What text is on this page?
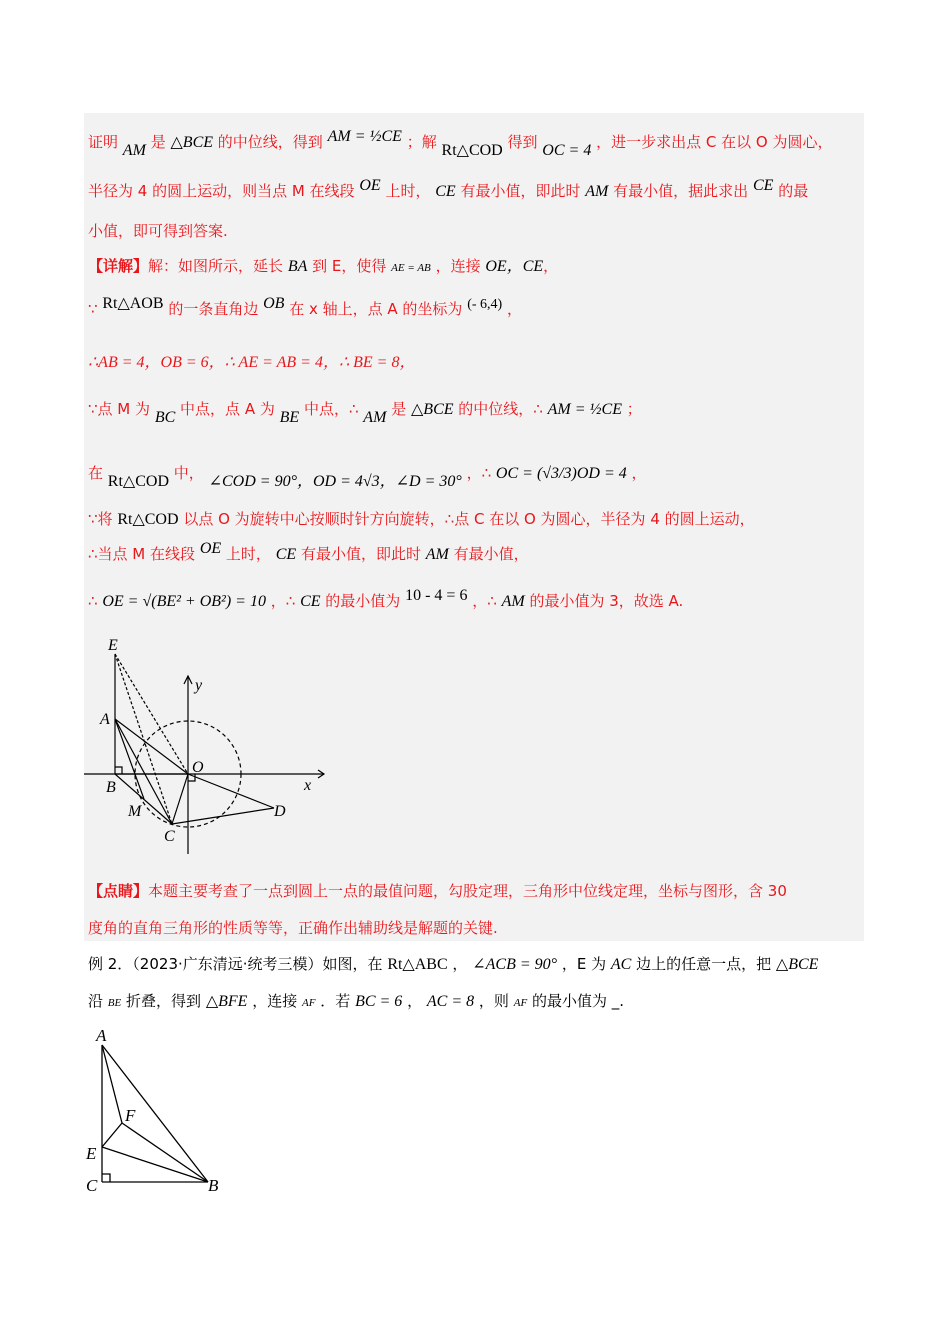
证明 AM 是 △BCE 的中位线，得到 AM = ½CE ；解 Rt△COD 得到 OC = 4 ，进一步求出点 C 在以 O 为圆心，
半径为 4 的圆上运动，则当点 M 在线段 OE 上时， CE 有最小值，即此时 AM 有最小值，据此求出 CE 的最
小值，即可得到答案.
【详解】解：如图所示，延长 BA 到 E，使得 AE = AB ，连接 OE，CE，
∵ Rt△AOB 的一条直角边 OB 在 x 轴上，点 A 的坐标为 (- 6,4) ，
∴AB = 4，OB = 6，∴ AE = AB = 4，∴ BE = 8，
∵点 M 为 BC 中点，点 A 为 BE 中点，∴ AM 是 △BCE 的中位线，∴ AM = ½CE ；
在 Rt△COD 中， ∠COD = 90°，OD = 4√3，∠D = 30° ，∴ OC = (√3/3)OD = 4 ，
∵将 Rt△COD 以点 O 为旋转中心按顺时针方向旋转，∴点 C 在以 O 为圆心，半径为 4 的圆上运动，
∴当点 M 在线段 OE 上时， CE 有最小值，即此时 AM 有最小值，
∴ OE = √(BE² + OB²) = 10 ，∴ CE 的最小值为 10 - 4 = 6 ，∴ AM 的最小值为 3，故选 A.
E
A
B
M
C
O
D
x
y
【点睛】本题主要考查了一点到圆上一点的最值问题，勾股定理，三角形中位线定理，坐标与图形，含 30
度角的直角三角形的性质等等，正确作出辅助线是解题的关键.
例 2．（2023·广东清远·统考三模）如图，在 Rt△ABC ， ∠ACB = 90° ，E 为 AC 边上的任意一点，把 △BCE
沿 BE 折叠，得到 △BFE ，连接 AF ．若 BC = 6 ， AC = 8 ，则 AF 的最小值为 _.
A
F
E
C	B
